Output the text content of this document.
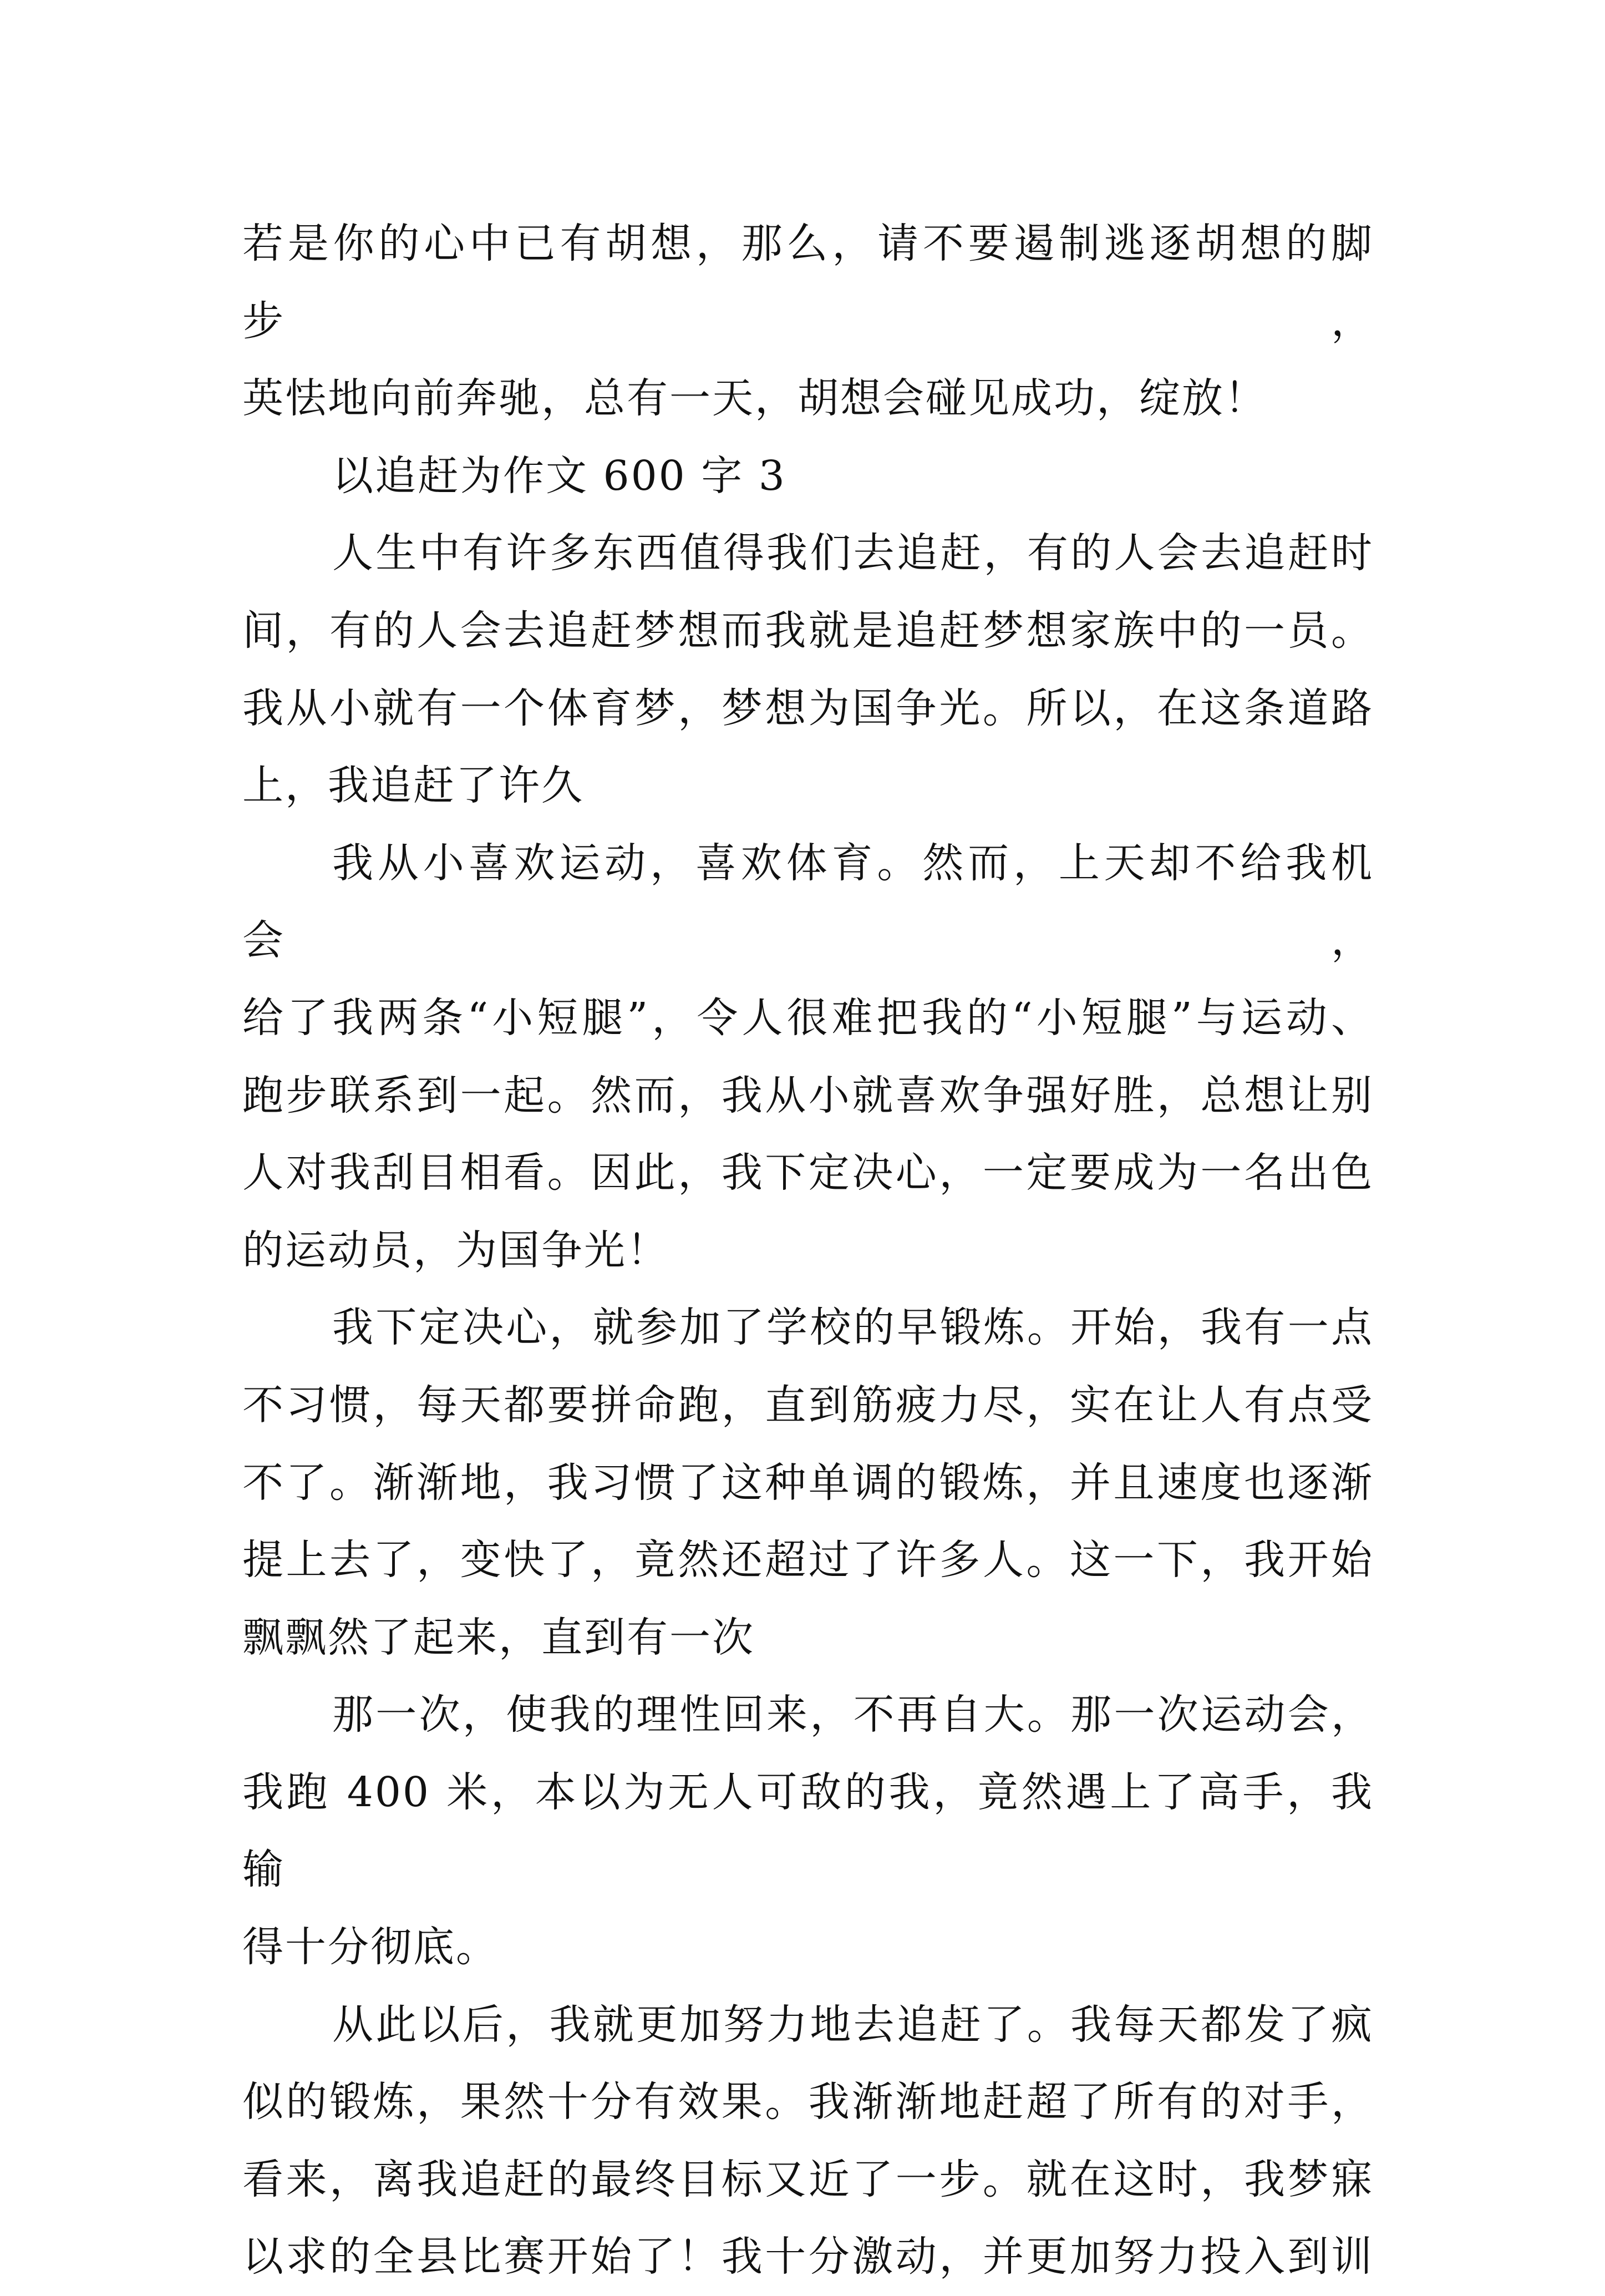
若是你的心中已有胡想，那么，请不要遏制逃逐胡想的脚步，
英怯地向前奔驰，总有一天，胡想会碰见成功，绽放！

以追赶为作文 600 字 3

人生中有许多东西值得我们去追赶，有的人会去追赶时
间，有的人会去追赶梦想而我就是追赶梦想家族中的一员。
我从小就有一个体育梦，梦想为国争光。所以，在这条道路
上，我追赶了许久

我从小喜欢运动，喜欢体育。然而，上天却不给我机会，
给了我两条“小短腿”，令人很难把我的“小短腿”与运动、
跑步联系到一起。然而，我从小就喜欢争强好胜，总想让别
人对我刮目相看。因此，我下定决心，一定要成为一名出色
的运动员，为国争光！

我下定决心，就参加了学校的早锻炼。开始，我有一点
不习惯，每天都要拼命跑，直到筋疲力尽，实在让人有点受
不了。渐渐地，我习惯了这种单调的锻炼，并且速度也逐渐
提上去了，变快了，竟然还超过了许多人。这一下，我开始
飘飘然了起来，直到有一次

那一次，使我的理性回来，不再自大。那一次运动会，
我跑 400 米，本以为无人可敌的我，竟然遇上了高手，我输
得十分彻底。

从此以后，我就更加努力地去追赶了。我每天都发了疯
似的锻炼，果然十分有效果。我渐渐地赶超了所有的对手，
看来，离我追赶的最终目标又近了一步。就在这时，我梦寐
以求的全县比赛开始了！我十分激动，并更加努力投入到训
